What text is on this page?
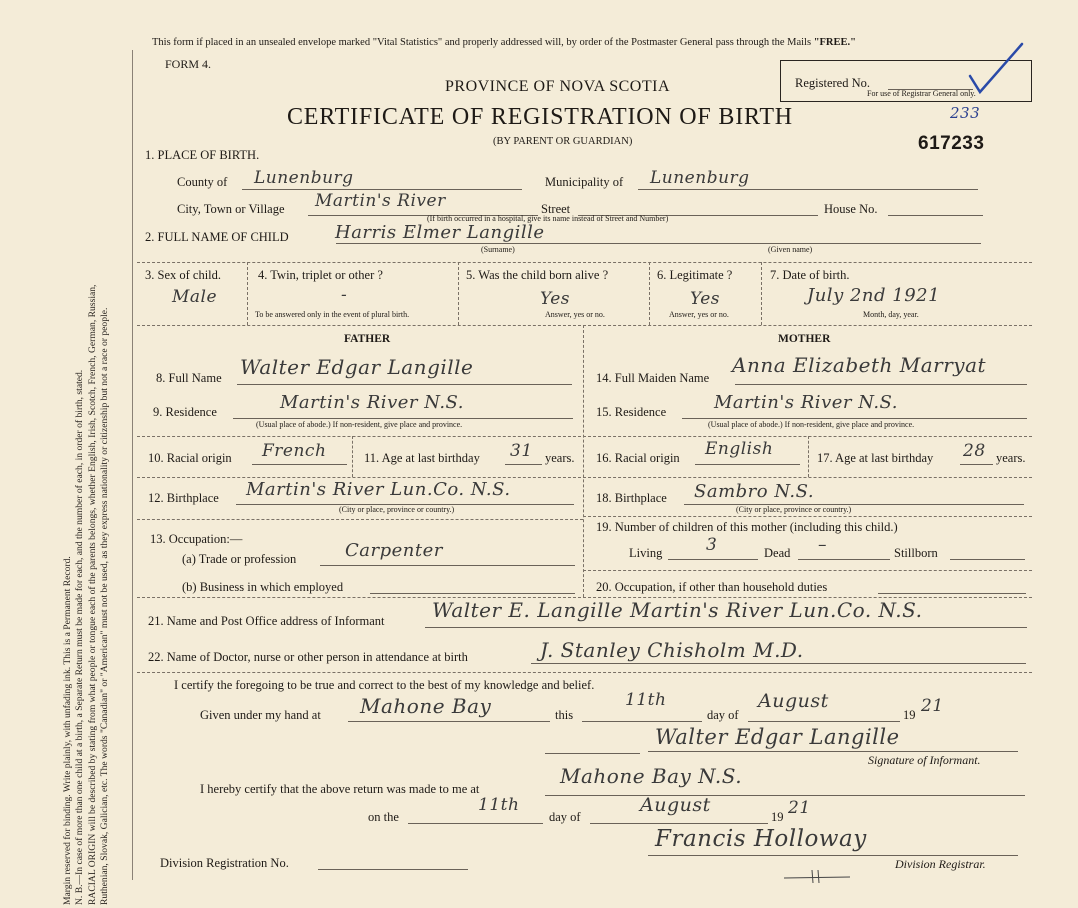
Margin reserved for binding. Write plainly, with unfading ink. This is a Permanent Record. N. B.—In case of more than one child at a birth, a Separate Return must be made for each, and the number of each, in order of birth, stated. RACIAL ORIGIN will be described by stating from what people or tongue each of the parents belongs, whether English, Irish, Scotch, French, German, Russian, Ruthenian, Slovak, Galician, etc. The words "Canadian" or "American" must not be used, as they express nationality or citizenship but not a race or people.
This form if placed in an unsealed envelope marked "Vital Statistics" and properly addressed will, by order of the Postmaster General pass through the Mails "FREE."
FORM 4.
PROVINCE OF NOVA SCOTIA
CERTIFICATE OF REGISTRATION OF BIRTH
(BY PARENT OR GUARDIAN)
Registered No.
For use of Registrar General only.
233
617233
1. PLACE OF BIRTH.
County of Lunenburg	Municipality of Lunenburg
City, Town or Village Martin's River	Street	House No.
(If birth occurred in a hospital, give its name instead of Street and Number)
2. FULL NAME OF CHILD	Harris Elmer Langille
(Surname)	(Given name)
3. Sex of child.
Male
4. Twin, triplet or other ?
-
To be answered only in the event of plural birth.
5. Was the child born alive ?
Yes
Answer, yes or no.
6. Legitimate ?
Yes
Answer, yes or no.
7. Date of birth.
July 2nd 1921
Month, day, year.
FATHER	MOTHER
8. Full Name Walter Edgar Langille
9. Residence	Martin's River N.S.
(Usual place of abode.) If non-resident, give place and province.
10. Racial origin French	11. Age at last birthday 31 years.
12. Birthplace Martin's River Lun.Co. N.S.
(City or place, province or country.)
13. Occupation:—
(a) Trade or profession	Carpenter
(b) Business in which employed
14. Full Maiden Name
Anna Elizabeth Marryat
15. Residence	Martin's River N.S.
(Usual place of abode.) If non-resident, give place and province.
16. Racial origin English	17. Age at last birthday 28 years.
18. Birthplace Sambro N.S.
(City or place, province or country.)
19. Number of children of this mother (including this child.)
Living	3	Dead –	Stillborn
20. Occupation, if other than household duties
21. Name and Post Office address of Informant Walter E. Langille Martin's River Lun.Co. N.S.
22. Name of Doctor, nurse or other person in attendance at birth	J. Stanley Chisholm M.D.
I certify the foregoing to be true and correct to the best of my knowledge and belief.
Given under my hand at Mahone Bay	this
11th
day of
August
19 21
Walter Edgar Langille
Signature of Informant.
I hereby certify that the above return was made to me at
Mahone Bay N.S.
on the
11th
day of
August
19 21
Francis Holloway
Division Registration No.	Division Registrar.
